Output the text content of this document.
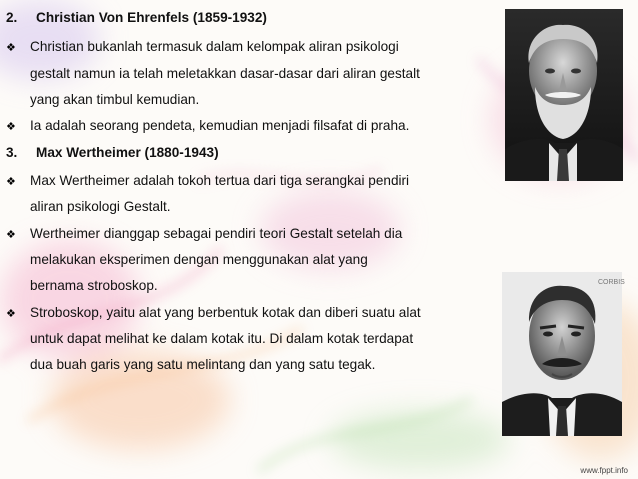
2. Christian Von Ehrenfels (1859-1932)
❖ Christian bukanlah termasuk dalam kelompak aliran psikologi
gestalt namun ia telah meletakkan dasar-dasar dari aliran gestalt
yang akan timbul kemudian.
❖ Ia adalah seorang pendeta, kemudian menjadi filsafat di praha.
3. Max Wertheimer (1880-1943)
❖ Max Wertheimer adalah tokoh tertua dari tiga serangkai pendiri
aliran psikologi Gestalt.
❖ Wertheimer dianggap sebagai pendiri teori Gestalt setelah dia
melakukan eksperimen dengan menggunakan alat yang
bernama stroboskop.
❖ Stroboskop, yaitu alat yang berbentuk kotak dan diberi suatu alat
untuk dapat melihat ke dalam kotak itu. Di dalam kotak terdapat
dua buah garis yang satu melintang dan yang satu tegak.
CORBIS
www.fppt.info
